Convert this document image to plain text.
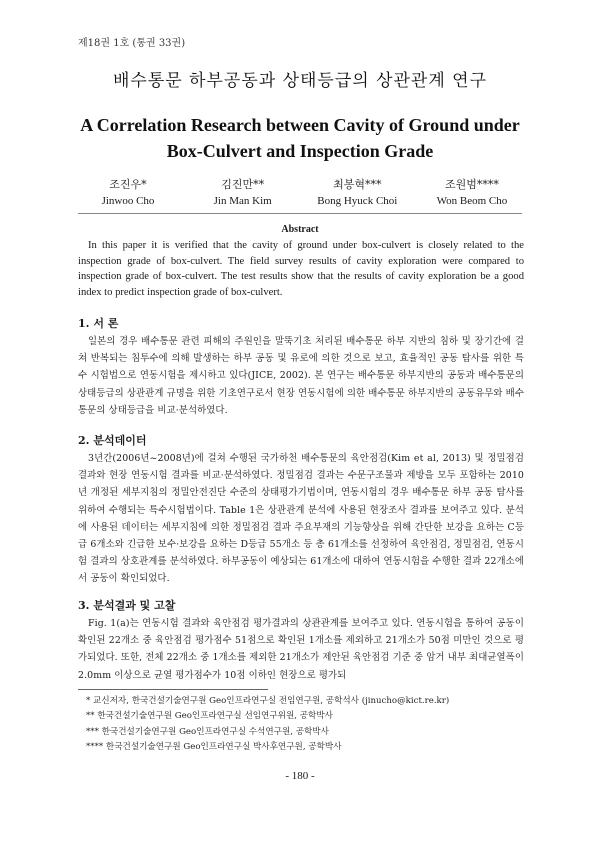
제18권 1호 (통권 33권)
배수통문 하부공동과 상태등급의 상관관계 연구
A Correlation Research between Cavity of Ground under
Box-Culvert and Inspection Grade
조진우*
Jinwoo Cho
김진만**
Jin Man Kim
최봉혁***
Bong Hyuck Choi
조원범****
Won Beom Cho
Abstract
In this paper it is verified that the cavity of ground under box-culvert is closely related to the inspection grade of box-culvert. The field survey results of cavity exploration were compared to inspection grade of box-culvert. The test results show that the results of cavity exploration be a good index to predict inspection grade of box-culvert.
1. 서 론
일본의 경우 배수통문 관련 피해의 주원인을 말뚝기초 처리된 배수통문 하부 지반의 침하 및 장기간에 걸쳐 반복되는 침투수에 의해 발생하는 하부 공동 및 유로에 의한 것으로 보고, 효율적인 공동 탐사를 위한 특수 시험법으로 연동시험을 제시하고 있다(JICE, 2002). 본 연구는 배수통문 하부지반의 공동과 배수통문의 상태등급의 상관관계 규명을 위한 기초연구로서 현장 연동시험에 의한 배수통문 하부지반의 공동유무와 배수통문의 상태등급을 비교·분석하였다.
2. 분석데이터
3년간(2006년~2008년)에 걸쳐 수행된 국가하천 배수통문의 육안점검(Kim et al, 2013) 및 정밀점검 결과와 현장 연동시험 결과를 비교·분석하였다. 정밀점검 결과는 수문구조물과 제방을 모두 포함하는 2010년 개정된 세부지침의 정밀안전진단 수준의 상태평가기법이며, 연동시험의 경우 배수통문 하부 공동 탐사를 위하여 수행되는 특수시험법이다. Table 1은 상관관계 분석에 사용된 현장조사 결과를 보여주고 있다. 분석에 사용된 데이터는 세부지침에 의한 정밀점검 결과 주요부재의 기능향상을 위해 간단한 보강을 요하는 C등급 6개소와 긴급한 보수·보강을 요하는 D등급 55개소 등 총 61개소를 선정하여 육안점검, 정밀점검, 연동시험 결과의 상호관계를 분석하였다. 하부공동이 예상되는 61개소에 대하여 연동시험을 수행한 결과 22개소에서 공동이 확인되었다.
3. 분석결과 및 고찰
Fig. 1(a)는 연동시험 결과와 육안점검 평가결과의 상관관계를 보여주고 있다. 연동시험을 통하여 공동이 확인된 22개소 중 육안점검 평가점수 51점으로 확인된 1개소를 제외하고 21개소가 50점 미만인 것으로 평가되었다. 또한, 전체 22개소 중 1개소를 제외한 21개소가 제안된 육안점검 기준 중 암거 내부 최대균열폭이 2.0mm 이상으로 균열 평가점수가 10점 이하인 현장으로 평가되
* 교신저자, 한국건설기술연구원 Geo인프라연구실 전임연구원, 공학석사 (jinucho@kict.re.kr)
** 한국건설기술연구원 Geo인프라연구실 선임연구위원, 공학박사
*** 한국건설기술연구원 Geo인프라연구실 수석연구원, 공학박사
**** 한국건설기술연구원 Geo인프라연구실 박사후연구원, 공학박사
- 180 -
